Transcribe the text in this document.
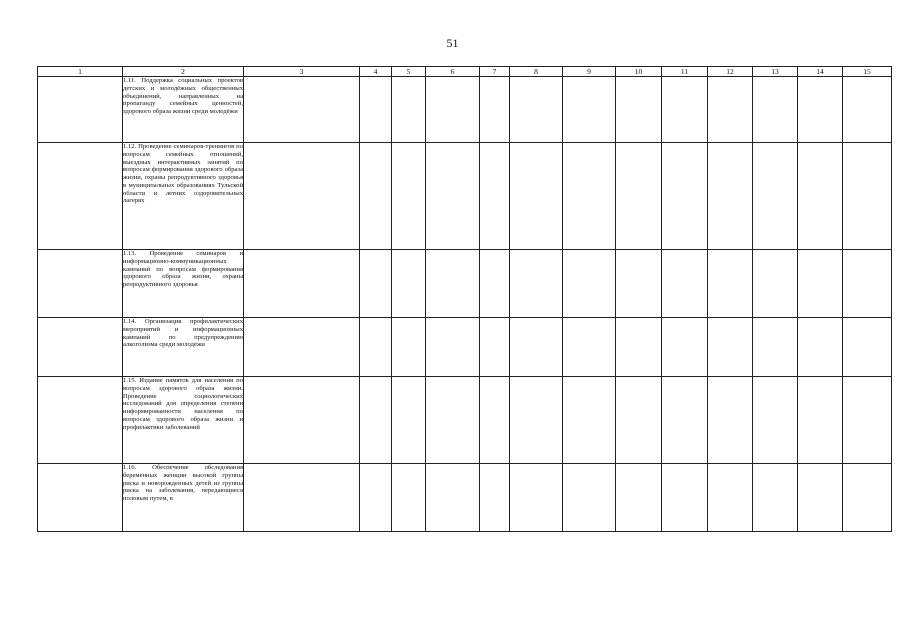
51
1	2	3	4	5	6	7	8	9	10	11	12	13	14	15

	1.11. Поддержка социальных проектов детских и молодёжных общественных объединений, направленных на пропаганду семейных ценностей, здорового образа жизни среди молодёжи													

	1.12. Проведение семинаров-тренингов по вопросам семейных отношений, выездных интерактивных занятий по вопросам формирования здорового образа жизни, охраны репродуктивного здоровья в муниципальных образованиях Тульской области и летних оздоровительных лагерях													

	1.13. Проведение семинаров и информационно-коммуникационных кампаний по вопросам формирования здорового образа жизни, охраны репродуктивного здоровья													

	1.14. Организация профилактических мероприятий и информационных кампаний по предупреждению алкоголизма среди молодёжи													

	1.15. Издание памяток для населения по вопросам здорового образа жизни. Проведение социологических исследований для определения степени информированности населения по вопросам здорового образа жизни и профилактики заболеваний													

	1.16. Обеспечение обследования беременных женщин высокой группы риска и новорожденных детей из группы риска на заболевания, передающиеся половым путем, в													
